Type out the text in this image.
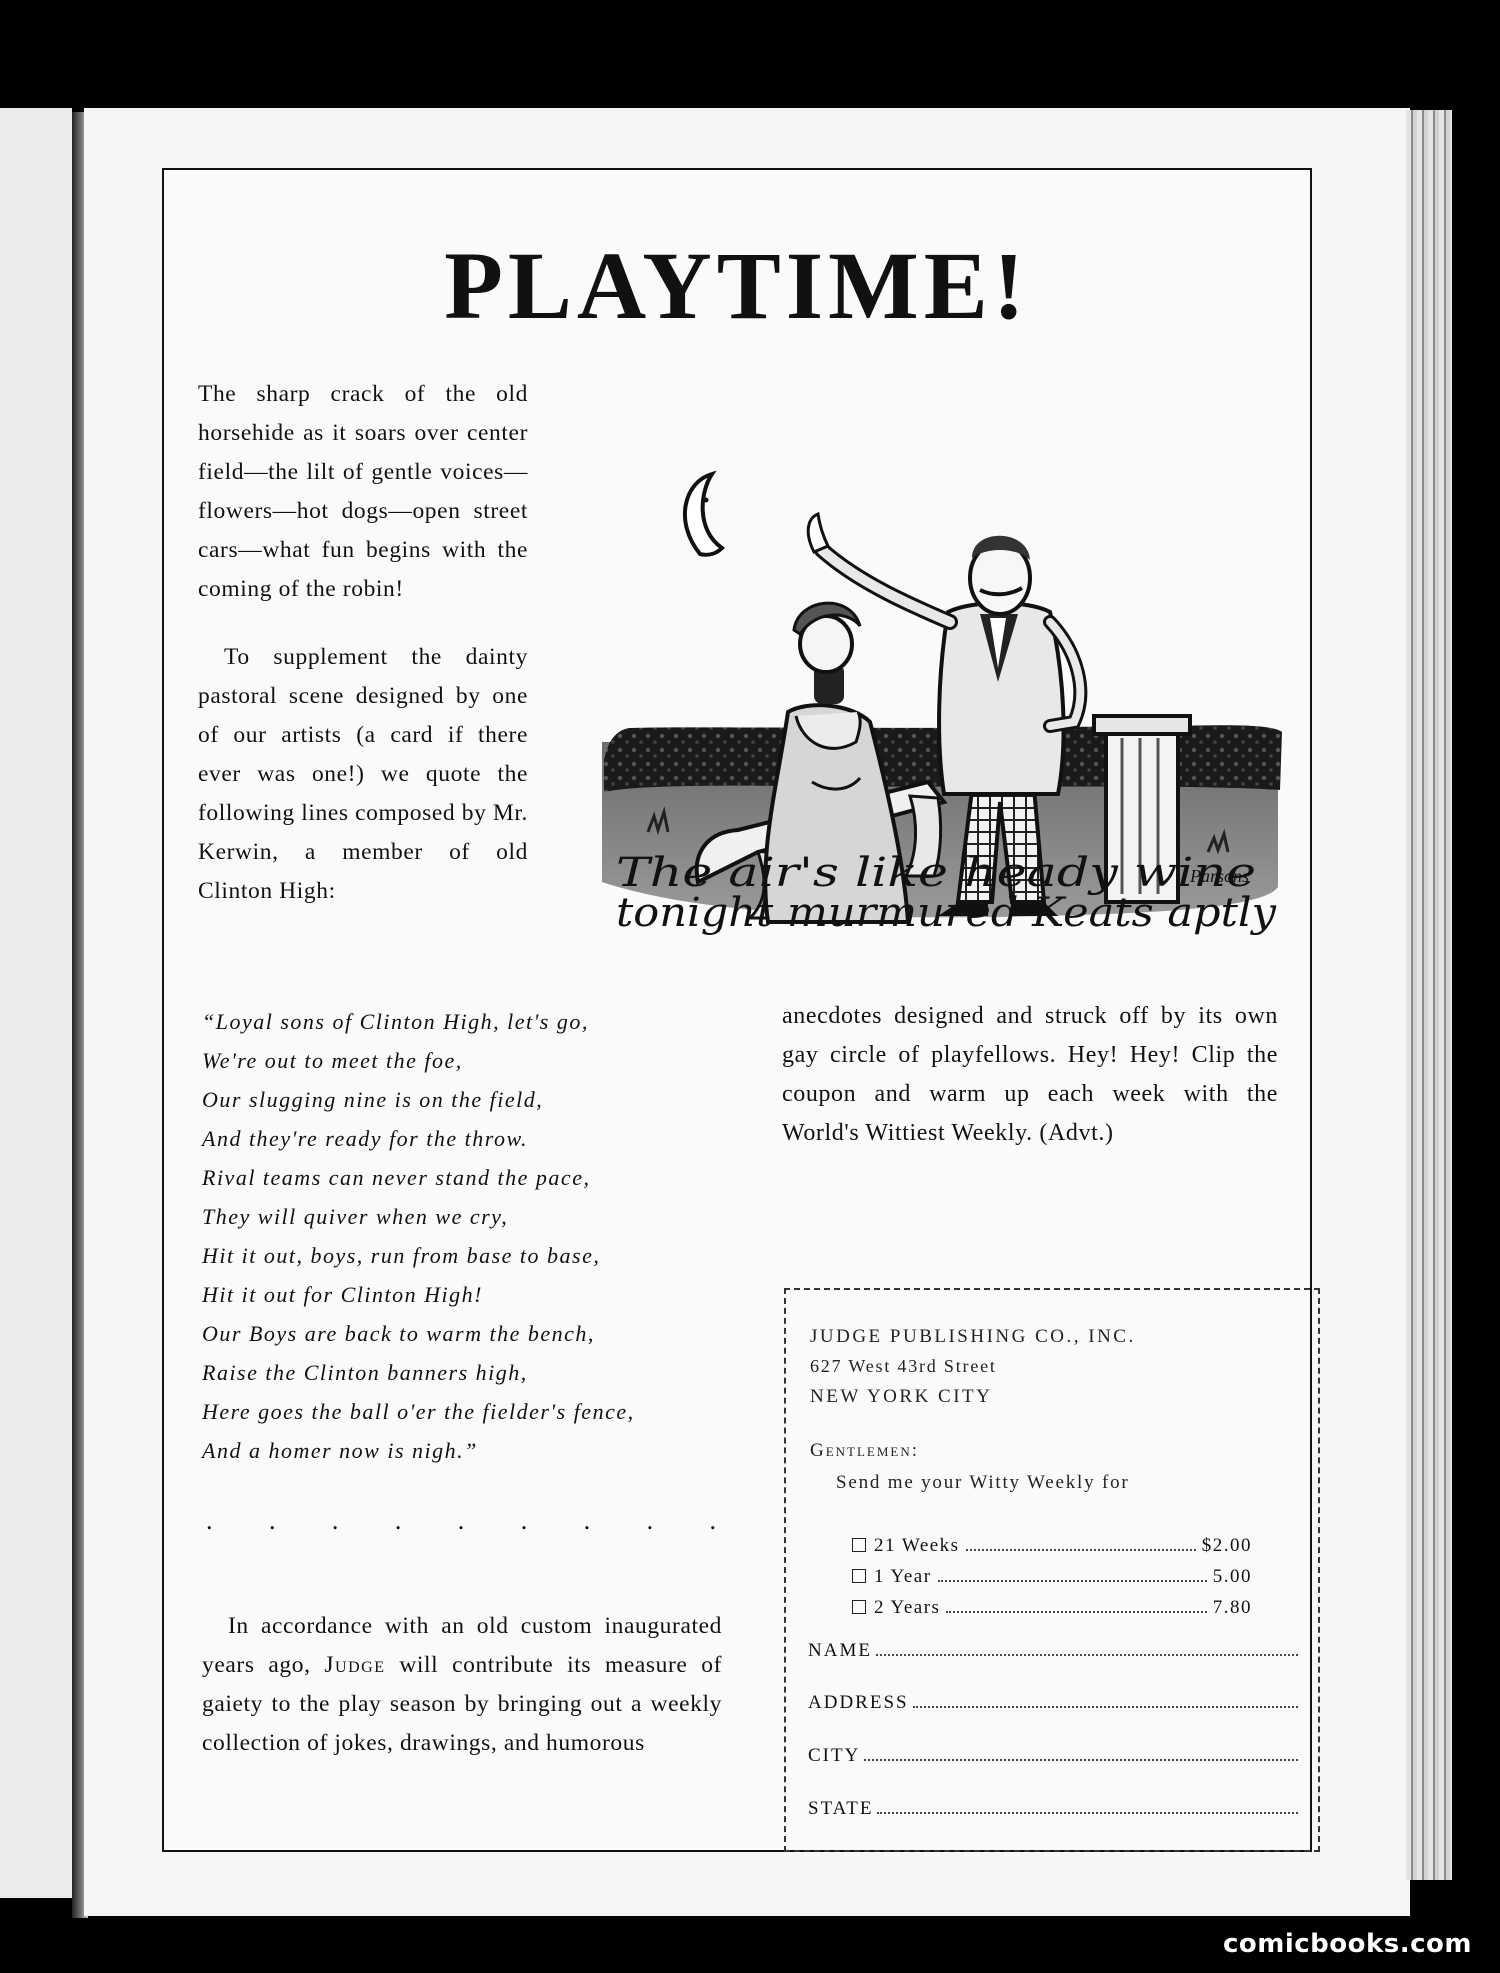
PLAYTIME!

The sharp crack of the old horsehide as it soars over center field—the lilt of gentle voices—flowers—hot dogs—open street cars—what fun begins with the coming of the robin!

To supplement the dainty pastoral scene designed by one of our artists (a card if there ever was one!) we quote the following lines composed by Mr. Kerwin, a member of old Clinton High:

Parsons
The air's like heady wine
tonight murmured Keats aptly
“Loyal sons of Clinton High, let's go,
We're out to meet the foe,
Our slugging nine is on the field,
And they're ready for the throw.
Rival teams can never stand the pace,
They will quiver when we cry,
Hit it out, boys, run from base to base,
Hit it out for Clinton High!
Our Boys are back to warm the bench,
Raise the Clinton banners high,
Here goes the ball o'er the fielder's fence,
And a homer now is nigh.”
. . . . . . . . .

In accordance with an old custom inaugurated years ago, Judge will contribute its measure of gaiety to the play season by bringing out a weekly collection of jokes, drawings, and humorous

anecdotes designed and struck off by its own gay circle of playfellows. Hey! Hey! Clip the coupon and warm up each week with the World's Wittiest Weekly. (Advt.)

JUDGE PUBLISHING CO., INC.
627 West 43rd Street
NEW YORK CITY
Gentlemen:
Send me your Witty Weekly for
21 Weeks	$2.00
1 Year	5.00
2 Years	7.80
NAME
ADDRESS
CITY
STATE
comicbooks.com
